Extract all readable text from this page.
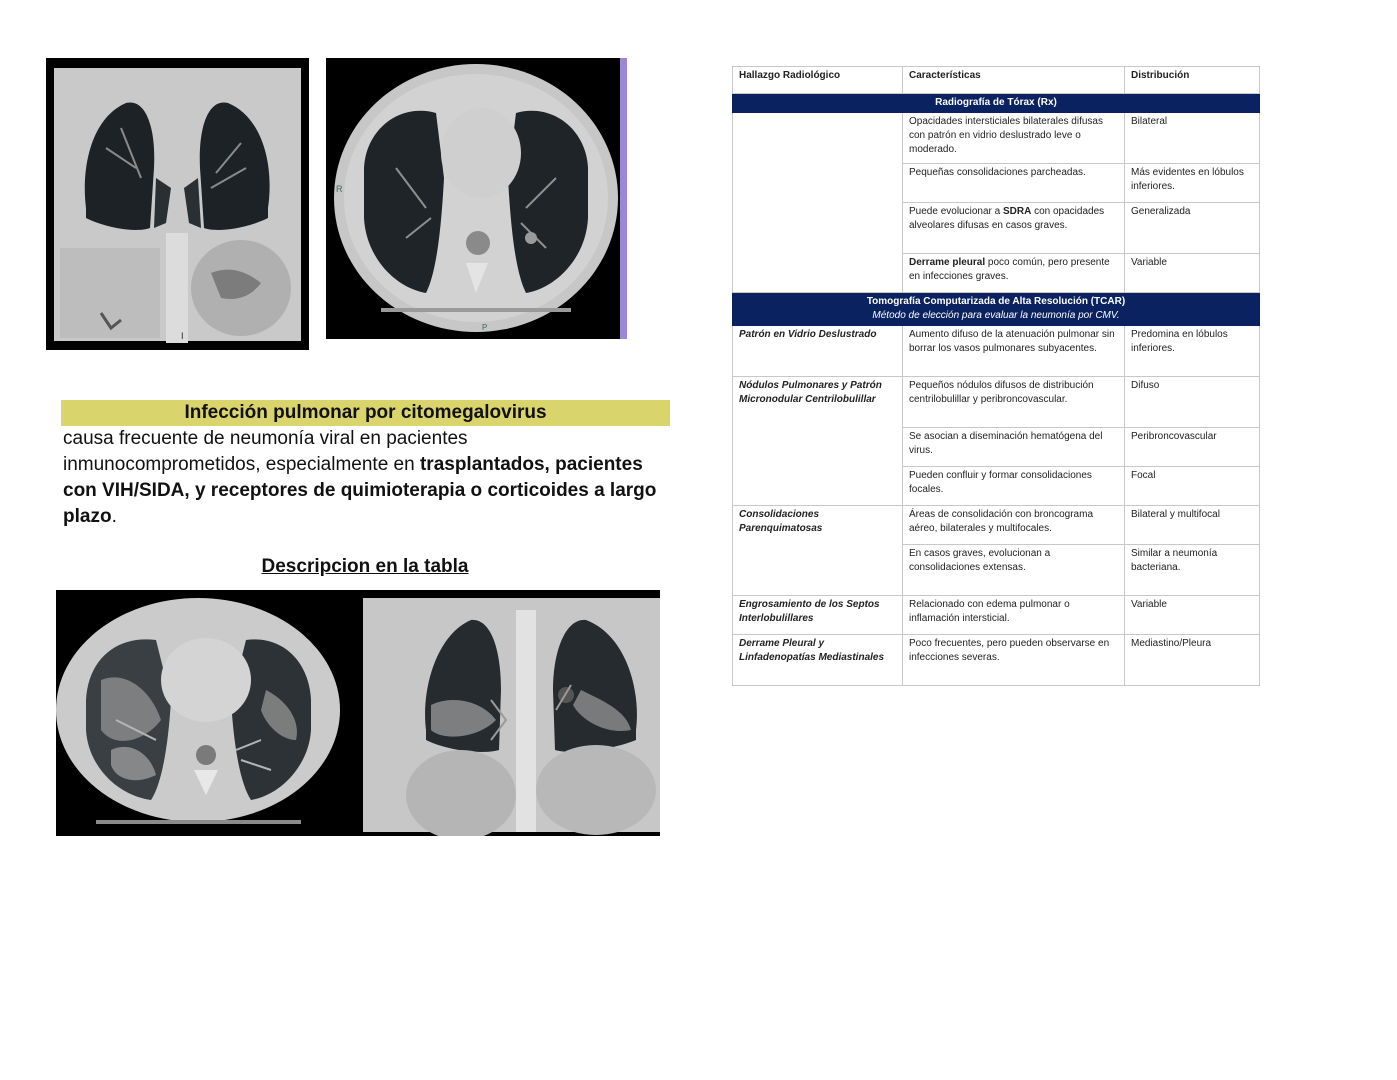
I
R
P
Infección pulmonar por citomegalovirus
causa frecuente de neumonía viral en pacientes inmunocomprometidos, especialmente en trasplantados, pacientes con VIH/SIDA, y receptores de quimioterapia o corticoides a largo plazo.
Descripcion en la tabla
Hallazgo Radiológico	Características	Distribución
Radiografía de Tórax (Rx)		
	Opacidades intersticiales bilaterales difusas con patrón en vidrio deslustrado leve o moderado.	Bilateral
	Pequeñas consolidaciones parcheadas.	Más evidentes en lóbulos inferiores.
	Puede evolucionar a SDRA con opacidades alveolares difusas en casos graves.	Generalizada
	Derrame pleural poco común, pero presente en infecciones graves.	Variable

Tomografía Computarizada de Alta Resolución (TCAR)
Método de elección para evaluar la neumonía por CMV.		

Patrón en Vidrio Deslustrado	Aumento difuso de la atenuación pulmonar sin borrar los vasos pulmonares subyacentes.	Predomina en lóbulos inferiores.
Nódulos Pulmonares y Patrón Micronodular Centrilobulillar	Pequeños nódulos difusos de distribución centrilobulillar y peribroncovascular.	Difuso
	Se asocian a diseminación hematógena del virus.	Peribroncovascular
	Pueden confluir y formar consolidaciones focales.	Focal
Consolidaciones Parenquimatosas	Áreas de consolidación con broncograma aéreo, bilaterales y multifocales.	Bilateral y multifocal
	En casos graves, evolucionan a consolidaciones extensas.	Similar a neumonía bacteriana.
Engrosamiento de los Septos Interlobulillares	Relacionado con edema pulmonar o inflamación intersticial.	Variable
Derrame Pleural y Linfadenopatías Mediastinales	Poco frecuentes, pero pueden observarse en infecciones severas.	Mediastino/Pleura
